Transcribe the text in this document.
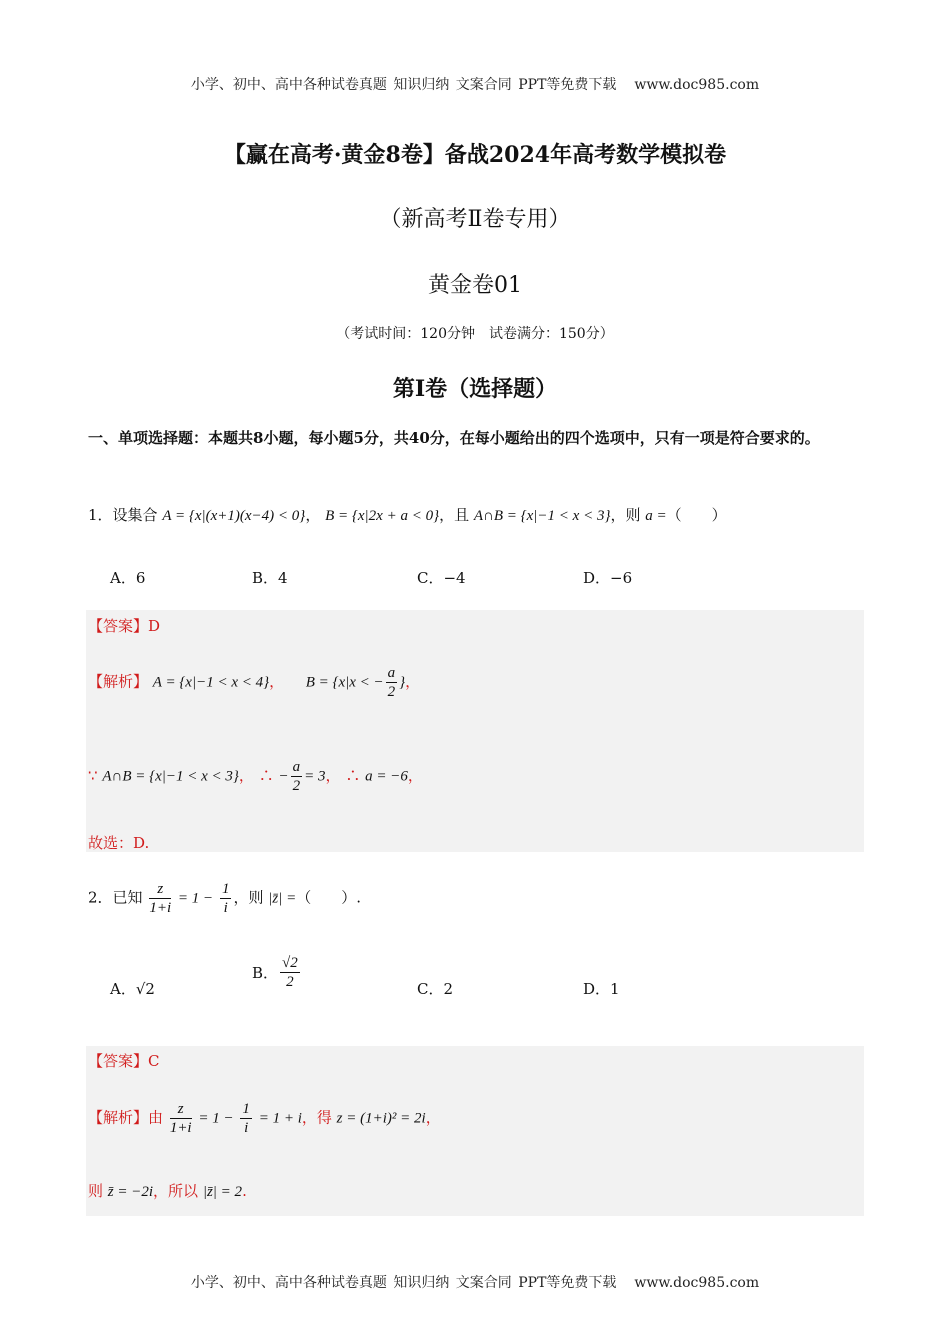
小学、初中、高中各种试卷真题 知识归纳 文案合同 PPT等免费下载 www.doc985.com
【赢在高考·黄金8卷】备战2024年高考数学模拟卷
（新高考Ⅱ卷专用）
黄金卷01
（考试时间：120分钟　试卷满分：150分）
第I卷（选择题）
一、单项选择题：本题共8小题，每小题5分，共40分，在每小题给出的四个选项中，只有一项是符合要求的。
1．设集合 A = {x|(x+1)(x−4) < 0}， B = {x|2x + a < 0}，且 A∩B = {x|−1 < x < 3}，则 a =（　　）
A．6	B．4	C．−4	D．−6
【答案】D
【解析】 A = {x|−1 < x < 4}， B = {x|x < − $\frac{a}{2}$ }，
∵ A∩B = {x|−1 < x < 3}， ∴ − $\frac{a}{2} = 3$， ∴ a = −6，
故选：D.
2．已知 $\frac{z}{1+i} = 1 - \frac{1}{i}$ ，则 |z̄| =（　　）.
A．√2
B． $\frac{√2}{2}$	C．2	D．1
【答案】C
【解析】由 $\frac{z}{1+i} = 1 - \frac{1}{i} = 1 + i$，得 z = (1+i)² = 2i，
则 z̄ = −2i，所以 |z̄| = 2.
小学、初中、高中各种试卷真题 知识归纳 文案合同 PPT等免费下载 www.doc985.com
